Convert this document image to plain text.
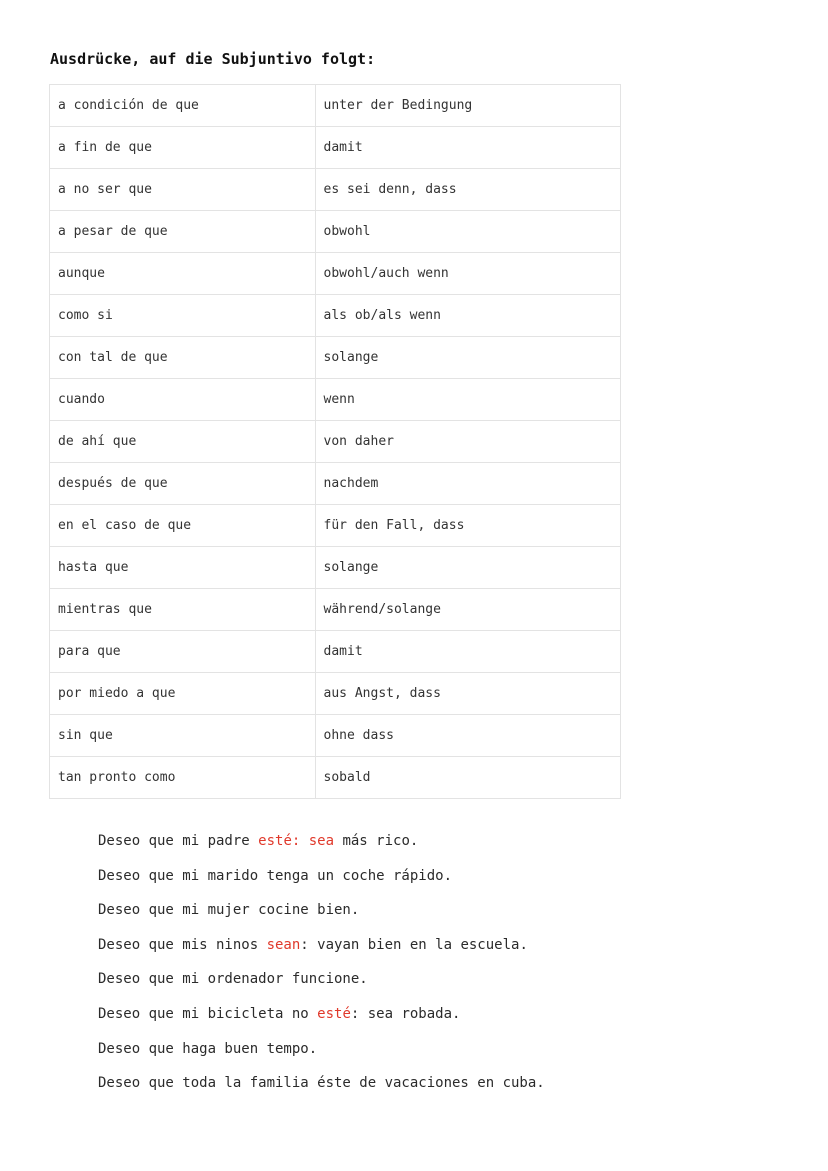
Ausdrücke, auf die Subjuntivo folgt:
a condición de que	unter der Bedingung
a fin de que	damit
a no ser que	es sei denn, dass
a pesar de que	obwohl
aunque	obwohl/auch wenn
como si	als ob/als wenn
con tal de que	solange
cuando	wenn
de ahí que	von daher
después de que	nachdem
en el caso de que	für den Fall, dass
hasta que	solange
mientras que	während/solange
para que	damit
por miedo a que	aus Angst, dass
sin que	ohne dass
tan pronto como	sobald
Deseo que mi padre esté: sea más rico.
Deseo que mi marido tenga un coche rápido.
Deseo que mi mujer cocine bien.
Deseo que mis ninos sean : vayan bien en la escuela.
Deseo que mi ordenador funcione.
Deseo que mi bicicleta no esté : sea robada.
Deseo que haga buen tempo.
Deseo que toda la familia éste de vacaciones en cuba.
